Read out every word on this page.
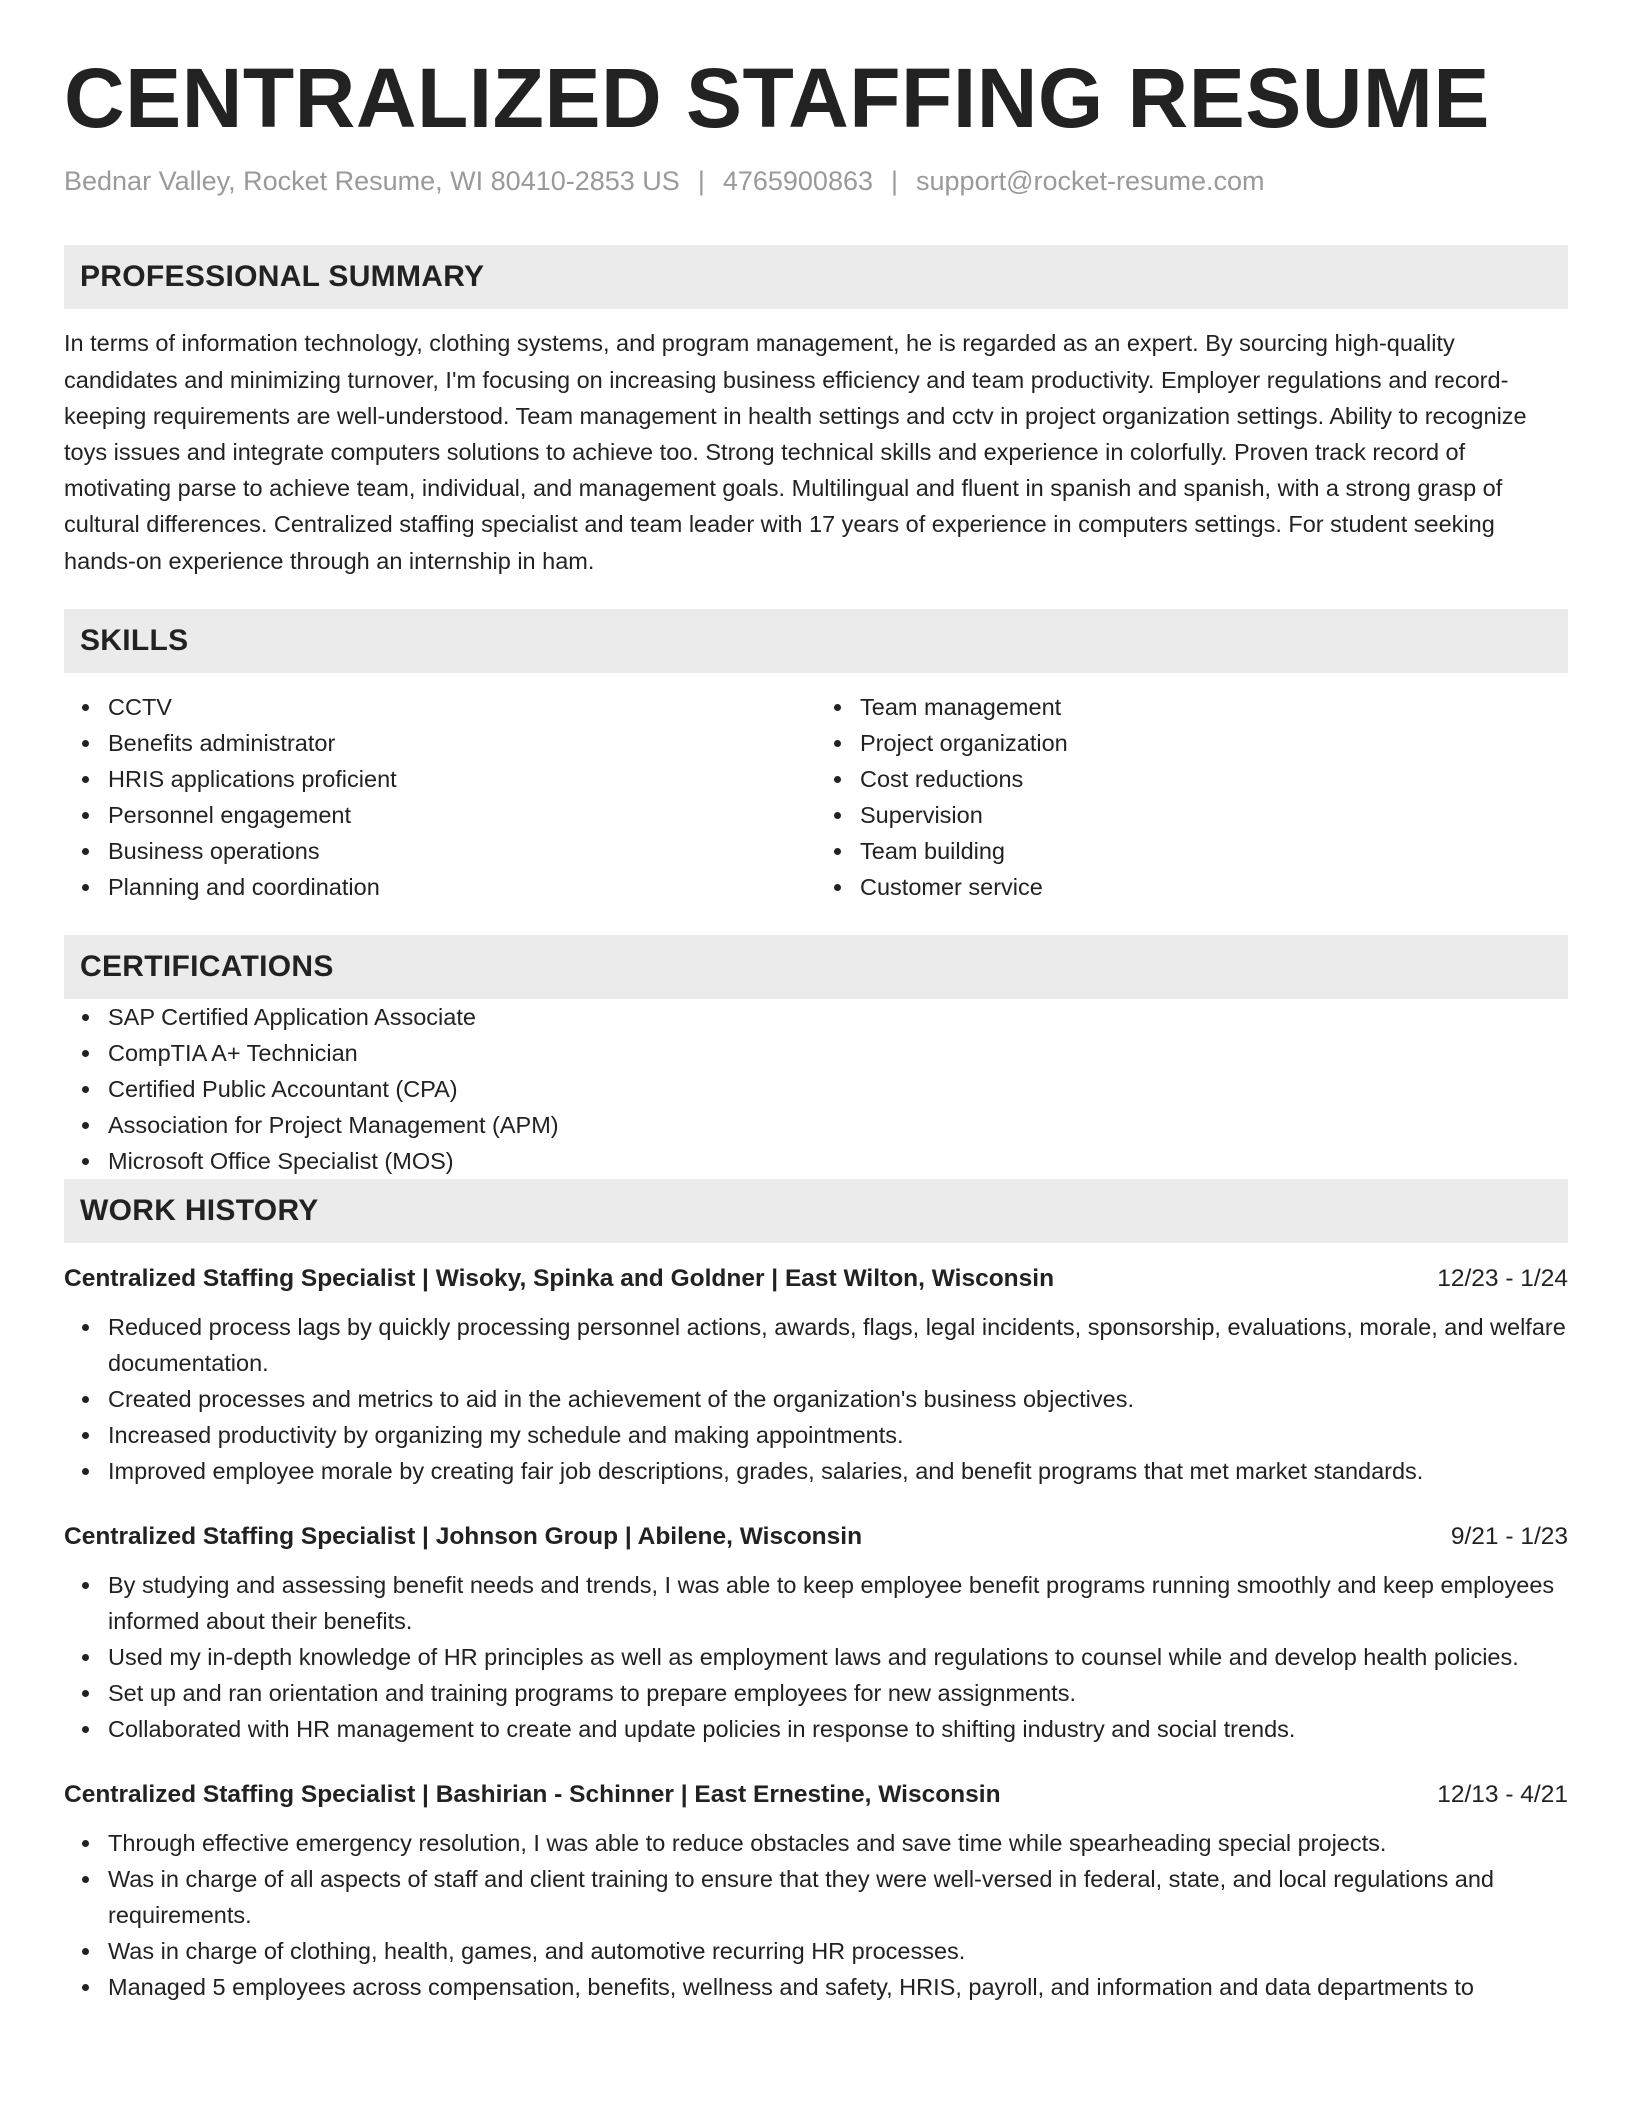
CENTRALIZED STAFFING RESUME
Bednar Valley, Rocket Resume, WI 80410-2853 US | 4765900863 | support@rocket-resume.com
PROFESSIONAL SUMMARY

In terms of information technology, clothing systems, and program management, he is regarded as an expert. By sourcing high-quality candidates and minimizing turnover, I'm focusing on increasing business efficiency and team productivity. Employer regulations and record-keeping requirements are well-understood. Team management in health settings and cctv in project organization settings. Ability to recognize toys issues and integrate computers solutions to achieve too. Strong technical skills and experience in colorfully. Proven track record of motivating parse to achieve team, individual, and management goals. Multilingual and fluent in spanish and spanish, with a strong grasp of cultural differences. Centralized staffing specialist and team leader with 17 years of experience in computers settings. For student seeking hands-on experience through an internship in ham.

SKILLS
CCTV
Benefits administrator
HRIS applications proficient
Personnel engagement
Business operations
Planning and coordination
Team management
Project organization
Cost reductions
Supervision
Team building
Customer service
CERTIFICATIONS
SAP Certified Application Associate
CompTIA A+ Technician
Certified Public Accountant (CPA)
Association for Project Management (APM)
Microsoft Office Specialist (MOS)
WORK HISTORY
Centralized Staffing Specialist | Wisoky, Spinka and Goldner | East Wilton, Wisconsin	12/23 - 1/24
Reduced process lags by quickly processing personnel actions, awards, flags, legal incidents, sponsorship, evaluations, morale, and welfare documentation.
Created processes and metrics to aid in the achievement of the organization's business objectives.
Increased productivity by organizing my schedule and making appointments.
Improved employee morale by creating fair job descriptions, grades, salaries, and benefit programs that met market standards.
Centralized Staffing Specialist | Johnson Group | Abilene, Wisconsin	9/21 - 1/23
By studying and assessing benefit needs and trends, I was able to keep employee benefit programs running smoothly and keep employees informed about their benefits.
Used my in-depth knowledge of HR principles as well as employment laws and regulations to counsel while and develop health policies.
Set up and ran orientation and training programs to prepare employees for new assignments.
Collaborated with HR management to create and update policies in response to shifting industry and social trends.
Centralized Staffing Specialist | Bashirian - Schinner | East Ernestine, Wisconsin	12/13 - 4/21
Through effective emergency resolution, I was able to reduce obstacles and save time while spearheading special projects.
Was in charge of all aspects of staff and client training to ensure that they were well-versed in federal, state, and local regulations and requirements.
Was in charge of clothing, health, games, and automotive recurring HR processes.
Managed 5 employees across compensation, benefits, wellness and safety, HRIS, payroll, and information and data departments to
